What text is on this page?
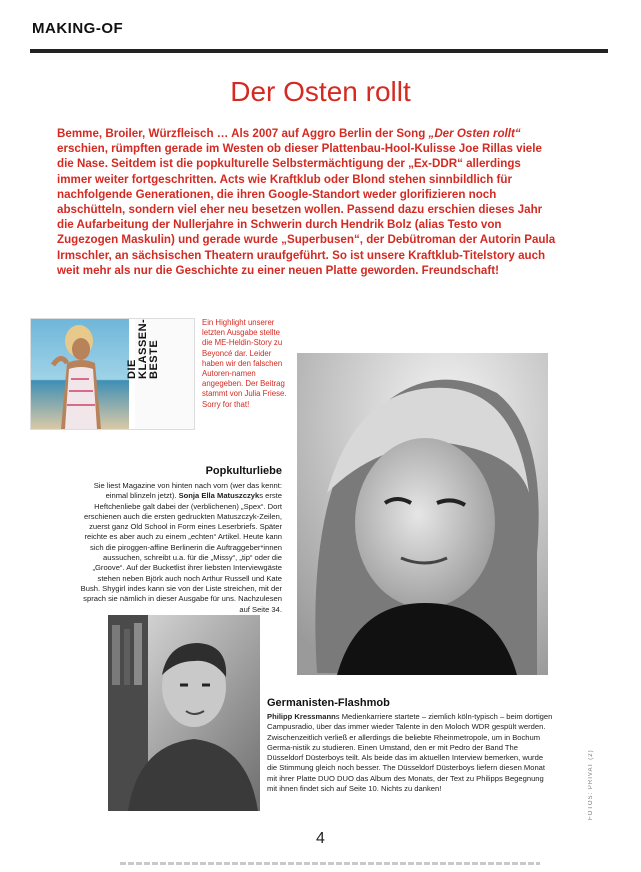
MAKING-OF
Der Osten rollt
Bemme, Broiler, Würzfleisch … Als 2007 auf Aggro Berlin der Song „Der Osten rollt“ erschien, rümpften gerade im Westen ob dieser Plattenbau-Hool-Kulisse Joe Rillas viele die Nase. Seitdem ist die popkulturelle Selbstermächtigung der „Ex-DDR“ allerdings immer weiter fortgeschritten. Acts wie Kraftklub oder Blond stehen sinnbildlich für nachfolgende Generationen, die ihren Google-Standort weder glorifizieren noch abschütteln, sondern viel eher neu besetzen wollen. Passend dazu erschien dieses Jahr die Aufarbeitung der Nullerjahre in Schwerin durch Hendrik Bolz (alias Testo von Zugezogen Maskulin) und gerade wurde „Superbusen“, der Debütroman der Autorin Paula Irmschler, an sächsischen Theatern uraufgeführt. So ist unsere Kraftklub-Titelstory auch weit mehr als nur die Geschichte zu einer neuen Platte geworden. Freundschaft!
DIE
KLASSEN-
BESTE
Ein Highlight unserer letzten Ausgabe stellte die ME-Heldin-Story zu Beyoncé dar. Leider haben wir den falschen Autoren-namen angegeben. Der Beitrag stammt von Julia Friese. Sorry for that!
Popkulturliebe
Sie liest Magazine von hinten nach vorn (wer das kennt: einmal blinzeln jetzt). Sonja Ella Matuszczyks erste Heftchenliebe galt dabei der (verblichenen) „Spex“. Dort erschienen auch die ersten gedruckten Matuszczyk-Zeilen, zuerst ganz Old School in Form eines Leserbriefs. Später reichte es aber auch zu einem „echten“ Artikel. Heute kann sich die piroggen-affine Berlinerin die Auftraggeber*innen aussuchen, schreibt u.a. für die „Missy“, „tip“ oder die „Groove“. Auf der Bucketlist ihrer liebsten Interviewgäste stehen neben Björk auch noch Arthur Russell und Kate Bush. Shygirl indes kann sie von der Liste streichen, mit der sprach sie nämlich in dieser Ausgabe für uns. Nachzulesen auf Seite 34.
Germanisten-Flashmob
Philipp Kressmanns Medienkarriere startete – ziemlich köln-typisch – beim dortigen Campusradio, über das immer wieder Talente in den Moloch WDR gespült werden. Zwischenzeitlich verließ er allerdings die beliebte Rheinmetropole, um in Bochum Germa-nistik zu studieren. Einen Umstand, den er mit Pedro der Band The Düsseldorf Düsterboys teilt. Als beide das im aktuellen Interview bemerken, wurde die Stimmung gleich noch besser. The Düsseldorf Düsterboys liefern diesen Monat mit ihrer Platte DUO DUO das Album des Monats, der Text zu Philipps Begegnung mit ihnen findet sich auf Seite 10. Nichts zu danken!	FOTOS: PRIVAT (2)
4
